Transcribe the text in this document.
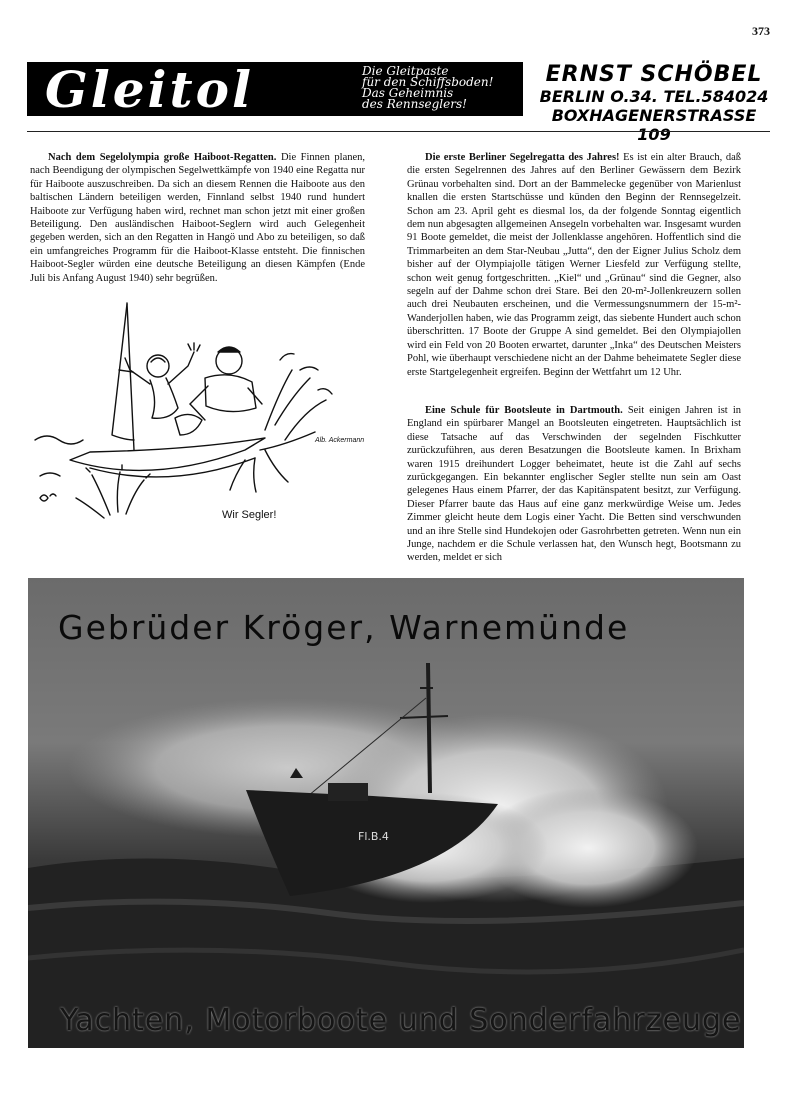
373
Gleitol	Die Gleitpaste
für den Schiffsboden!
Das Geheimnis
des Rennseglers!
ERNST SCHÖBEL
BERLIN O.34. TEL.584024
BOXHAGENERSTRASSE 109

Nach dem Segelolympia große Haiboot-Regatten. Die Finnen planen, nach Beendigung der olympischen Segelwettkämpfe von 1940 eine Regatta nur für Haiboote auszuschreiben. Da sich an diesem Rennen die Haiboote aus den baltischen Ländern beteiligen werden, Finnland selbst 1940 rund hundert Haiboote zur Verfügung haben wird, rechnet man schon jetzt mit einer großen Beteiligung. Den ausländischen Haiboot-Seglern wird auch Gelegenheit gegeben werden, sich an den Regatten in Hangö und Abo zu beteiligen, so daß ein umfangreiches Programm für die Haiboot-Klasse entsteht. Die finnischen Haiboot-Segler würden eine deutsche Beteiligung an diesen Kämpfen (Ende Juli bis Anfang August 1940) sehr begrüßen.

Alb. Ackermann
Wir Segler!

Die erste Berliner Segelregatta des Jahres! Es ist ein alter Brauch, daß die ersten Segelrennen des Jahres auf den Berliner Gewässern dem Bezirk Grünau vorbehalten sind. Dort an der Bammelecke gegenüber von Marienlust knallen die ersten Startschüsse und künden den Beginn der Rennsegelzeit. Schon am 23. April geht es diesmal los, da der folgende Sonntag eigentlich dem nun abgesagten allgemeinen Ansegeln vorbehalten war. Insgesamt wurden 91 Boote gemeldet, die meist der Jollenklasse angehören. Hoffentlich sind die Trimmarbeiten an dem Star-Neubau „Jutta“, den der Eigner Julius Scholz dem bisher auf der Olympiajolle tätigen Werner Liesfeld zur Verfügung stellte, schon weit genug fortgeschritten. „Kiel“ und „Grünau“ sind die Gegner, also segeln auf der Dahme schon drei Stare. Bei den 20-m²-Jollenkreuzern sollen auch drei Neubauten erscheinen, und die Vermessungsnummern der 15-m²-Wanderjollen haben, wie das Programm zeigt, das siebente Hundert auch schon überschritten. 17 Boote der Gruppe A sind gemeldet. Bei den Olympiajollen wird ein Feld von 20 Booten erwartet, darunter „Inka“ des Deutschen Meisters Pohl, wie überhaupt verschiedene nicht an der Dahme beheimatete Segler diese erste Startgelegenheit ergreifen. Beginn der Wettfahrt um 12 Uhr.

Eine Schule für Bootsleute in Dartmouth. Seit einigen Jahren ist in England ein spürbarer Mangel an Bootsleuten eingetreten. Hauptsächlich ist diese Tatsache auf das Verschwinden der segelnden Fischkutter zurückzuführen, aus deren Besatzungen die Bootsleute kamen. In Brixham waren 1915 dreihundert Logger beheimatet, heute ist die Zahl auf sechs zurückgegangen. Ein bekannter englischer Segler stellte nun sein am Oast gelegenes Haus einem Pfarrer, der das Kapitänspatent besitzt, zur Verfügung. Dieser Pfarrer baute das Haus auf eine ganz merkwürdige Weise um. Jedes Zimmer gleicht heute dem Logis einer Yacht. Die Betten sind verschwunden und an ihre Stelle sind Hundekojen oder Gasrohrbetten getreten. Wenn nun ein Junge, nachdem er die Schule verlassen hat, den Wunsch hegt, Bootsmann zu werden, meldet er sich

Fl.B.4
Gebrüder Kröger, Warnemünde
Yachten, Motorboote und Sonderfahrzeuge
